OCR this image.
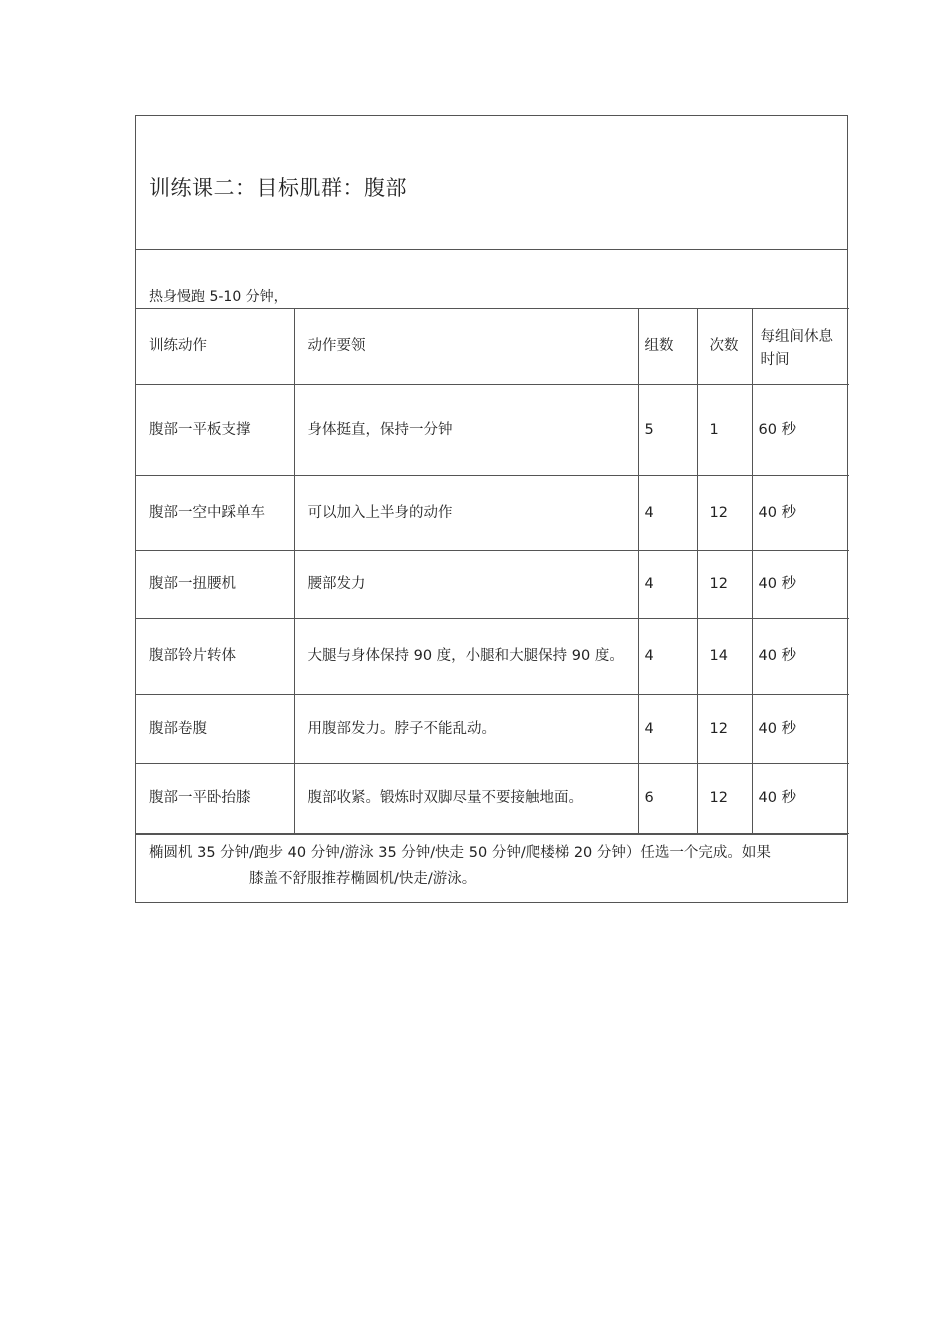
训练课二：目标肌群：腹部
热身慢跑 5-10 分钟，
训练动作	动作要领	组数	次数	每组间休息时间
腹部一平板支撑	身体挺直，保持一分钟	5	1	60 秒
腹部一空中踩单车	可以加入上半身的动作	4	12	40 秒
腹部一扭腰机	腰部发力	4	12	40 秒
腹部铃片转体	大腿与身体保持 90 度，小腿和大腿保持 90 度。	4	14	40 秒
腹部卷腹	用腹部发力。脖子不能乱动。	4	12	40 秒
腹部一平卧抬膝	腹部收紧。锻炼时双脚尽量不要接触地面。	6	12	40 秒
椭圆机 35 分钟/跑步 40 分钟/游泳 35 分钟/快走 50 分钟/爬楼梯 20 分钟）任选一个完成。如果
膝盖不舒服推荐椭圆机/快走/游泳。
